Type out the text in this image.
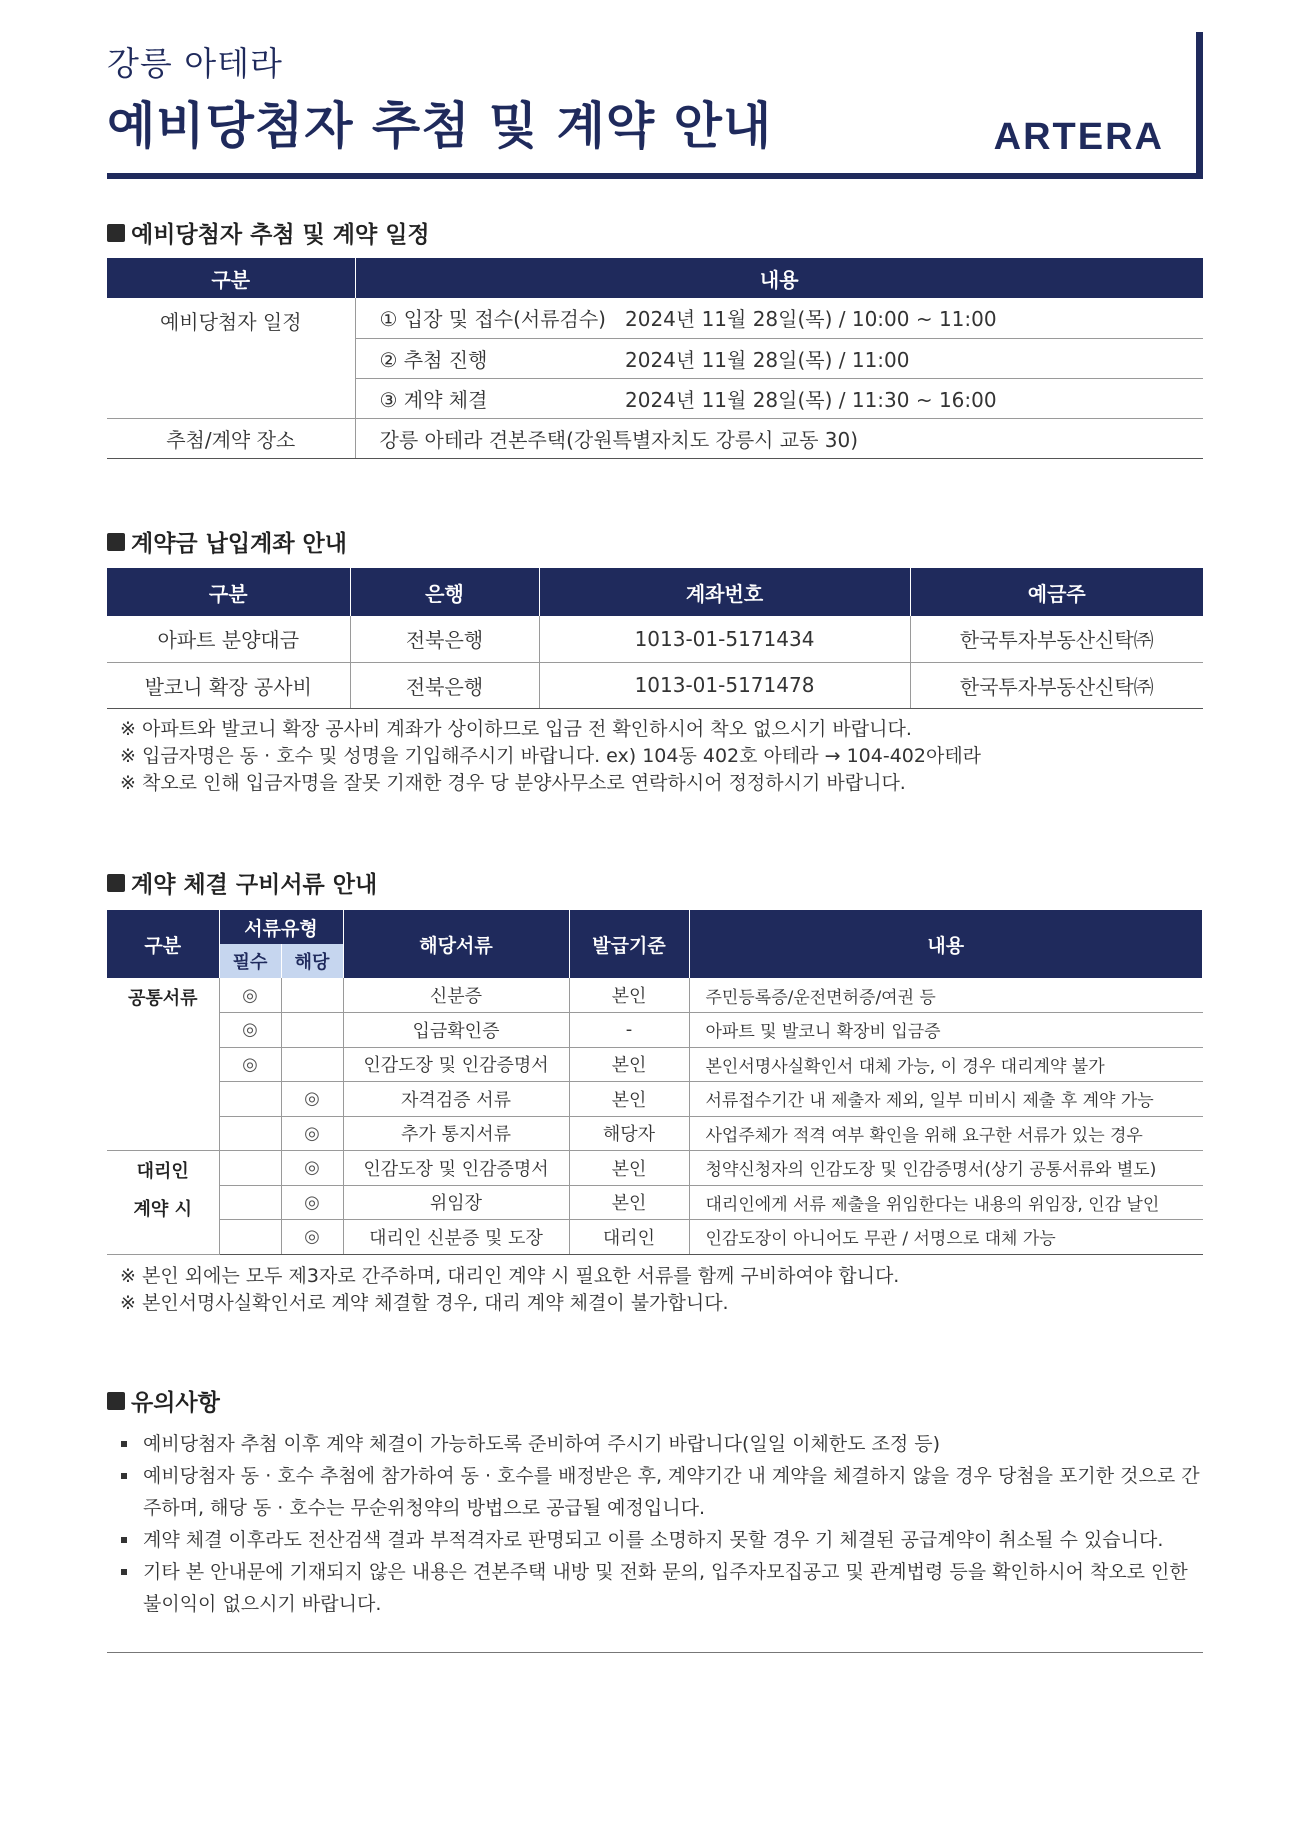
강릉 아테라
예비당첨자 추첨 및 계약 안내	ARTERA
예비당첨자 추첨 및 계약 일정
구분	내용	
예비당첨자 일정	① 입장 및 접수(서류검수)	2024년 11월 28일(목) / 10:00 ~ 11:00
	② 추첨 진행	2024년 11월 28일(목) / 11:00
	③ 계약 체결	2024년 11월 28일(목) / 11:30 ~ 16:00
추첨/계약 장소	강릉 아테라 견본주택(강원특별자치도 강릉시 교동 30)	
계약금 납입계좌 안내
구분	은행	계좌번호	예금주
아파트 분양대금	전북은행	1013-01-5171434	한국투자부동산신탁㈜
발코니 확장 공사비	전북은행	1013-01-5171478	한국투자부동산신탁㈜
※ 아파트와 발코니 확장 공사비 계좌가 상이하므로 입금 전 확인하시어 착오 없으시기 바랍니다.
※ 입금자명은 동 · 호수 및 성명을 기입해주시기 바랍니다. ex) 104동 402호 아테라 → 104-402아테라
※ 착오로 인해 입금자명을 잘못 기재한 경우 당 분양사무소로 연락하시어 정정하시기 바랍니다.
계약 체결 구비서류 안내
구분	서류유형		해당서류	발급기준	내용
	필수	해당			
공통서류	◎		신분증	본인	주민등록증/운전면허증/여권 등
	◎		입금확인증	-	아파트 및 발코니 확장비 입금증
	◎		인감도장 및 인감증명서	본인	본인서명사실확인서 대체 가능, 이 경우 대리계약 불가
		◎	자격검증 서류	본인	서류접수기간 내 제출자 제외, 일부 미비시 제출 후 계약 가능
		◎	추가 통지서류	해당자	사업주체가 적격 여부 확인을 위해 요구한 서류가 있는 경우

대리인
계약 시		◎	인감도장 및 인감증명서	본인	청약신청자의 인감도장 및 인감증명서(상기 공통서류와 별도)
		◎	위임장	본인	대리인에게 서류 제출을 위임한다는 내용의 위임장, 인감 날인
		◎	대리인 신분증 및 도장	대리인	인감도장이 아니어도 무관 / 서명으로 대체 가능
※ 본인 외에는 모두 제3자로 간주하며, 대리인 계약 시 필요한 서류를 함께 구비하여야 합니다.
※ 본인서명사실확인서로 계약 체결할 경우, 대리 계약 체결이 불가합니다.
유의사항
예비당첨자 추첨 이후 계약 체결이 가능하도록 준비하여 주시기 바랍니다(일일 이체한도 조정 등)
예비당첨자 동 · 호수 추첨에 참가하여 동 · 호수를 배정받은 후, 계약기간 내 계약을 체결하지 않을 경우 당첨을 포기한 것으로 간주하며, 해당 동 · 호수는 무순위청약의 방법으로 공급될 예정입니다.
계약 체결 이후라도 전산검색 결과 부적격자로 판명되고 이를 소명하지 못할 경우 기 체결된 공급계약이 취소될 수 있습니다.
기타 본 안내문에 기재되지 않은 내용은 견본주택 내방 및 전화 문의, 입주자모집공고 및 관계법령 등을 확인하시어 착오로 인한 불이익이 없으시기 바랍니다.
